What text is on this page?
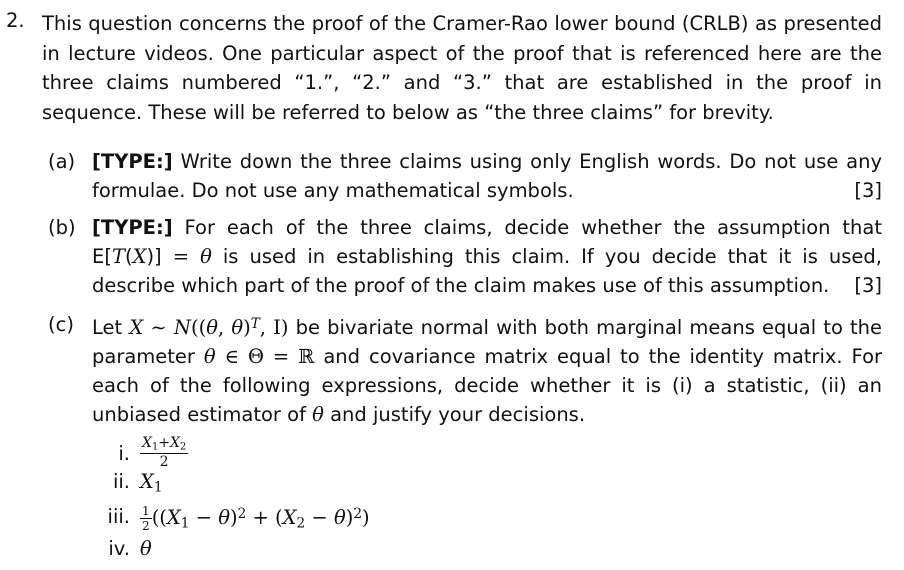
2. This question concerns the proof of the Cramer-Rao lower bound (CRLB) as presented in lecture videos. One particular aspect of the proof that is referenced here are the three claims numbered “1.”, “2.” and “3.” that are established in the proof in sequence. These will be referred to below as “the three claims” for brevity.
(a) [TYPE:] Write down the three claims using only English words. Do not use any formulae. Do not use any mathematical symbols.	[3]
(b) [TYPE:] For each of the three claims, decide whether the assumption that E[T(X)] = θ is used in establishing this claim. If you decide that it is used, describe which part of the proof of the claim makes use of this assumption. [3]
(c) Let X ∼ N((θ, θ)$^T$, I) be bivariate normal with both marginal means equal to the parameter θ ∈ Θ = ℝ and covariance matrix equal to the identity matrix. For each of the following expressions, decide whether it is (i) a statistic, (ii) an unbiased estimator of θ and justify your decisions.
i. $\frac{X_1+X_2}{2}$
ii. $X_1$
iii. $\frac{1}{2} ((X_1 - \theta)^2 + (X_2 - \theta)^2)$
iv. θ
